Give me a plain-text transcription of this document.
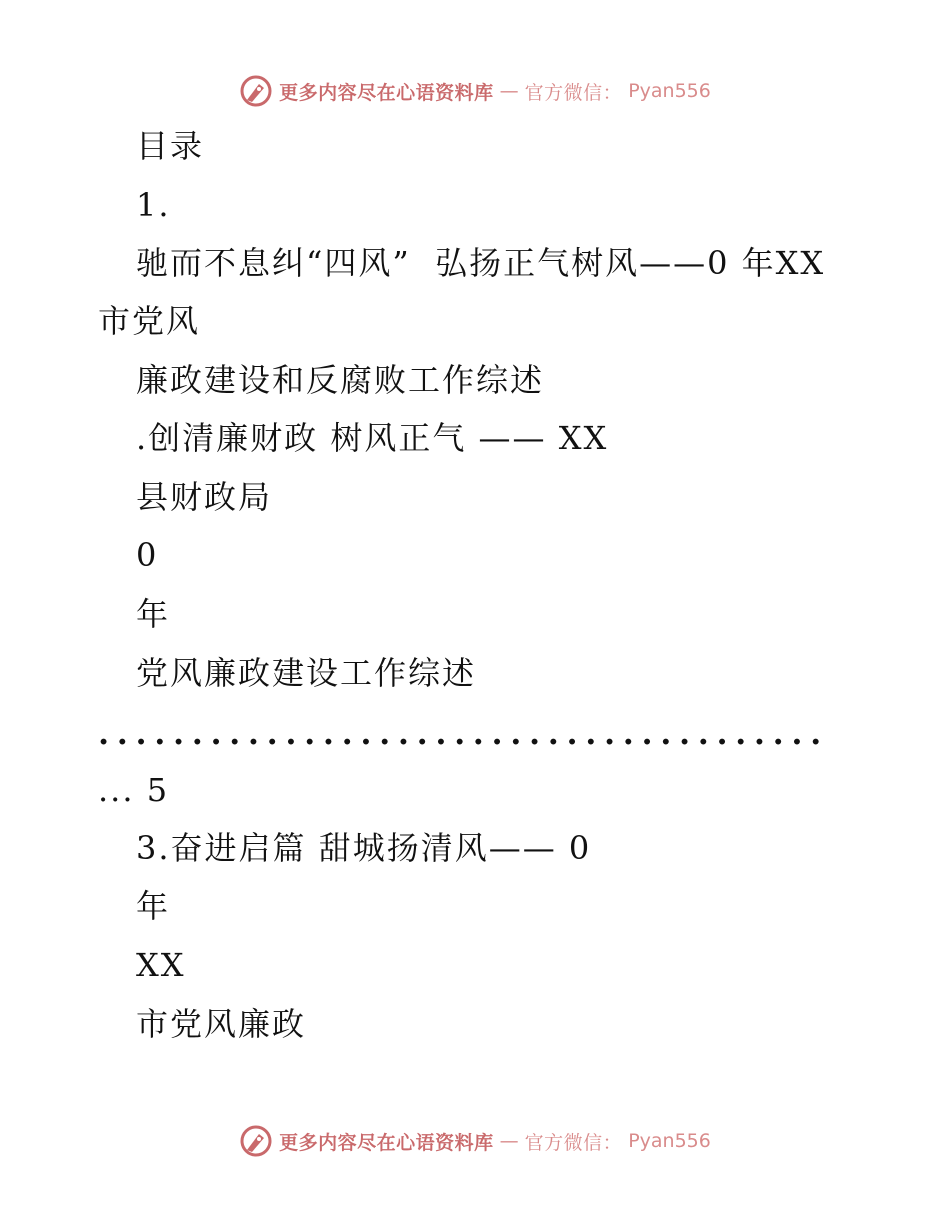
更多内容尽在心语资料库 — 官方微信： Pyan556
目录
1.
驰而不息纠“四风”  弘扬正气树风——0 年XX
市党风
廉政建设和反腐败工作综述
.创清廉财政 树风正气 —— XX
县财政局
0
年
党风廉政建设工作综述
.......................................
... 5
3.奋进启篇 甜城扬清风—— 0
年
XX
市党风廉政
更多内容尽在心语资料库 — 官方微信： Pyan556
